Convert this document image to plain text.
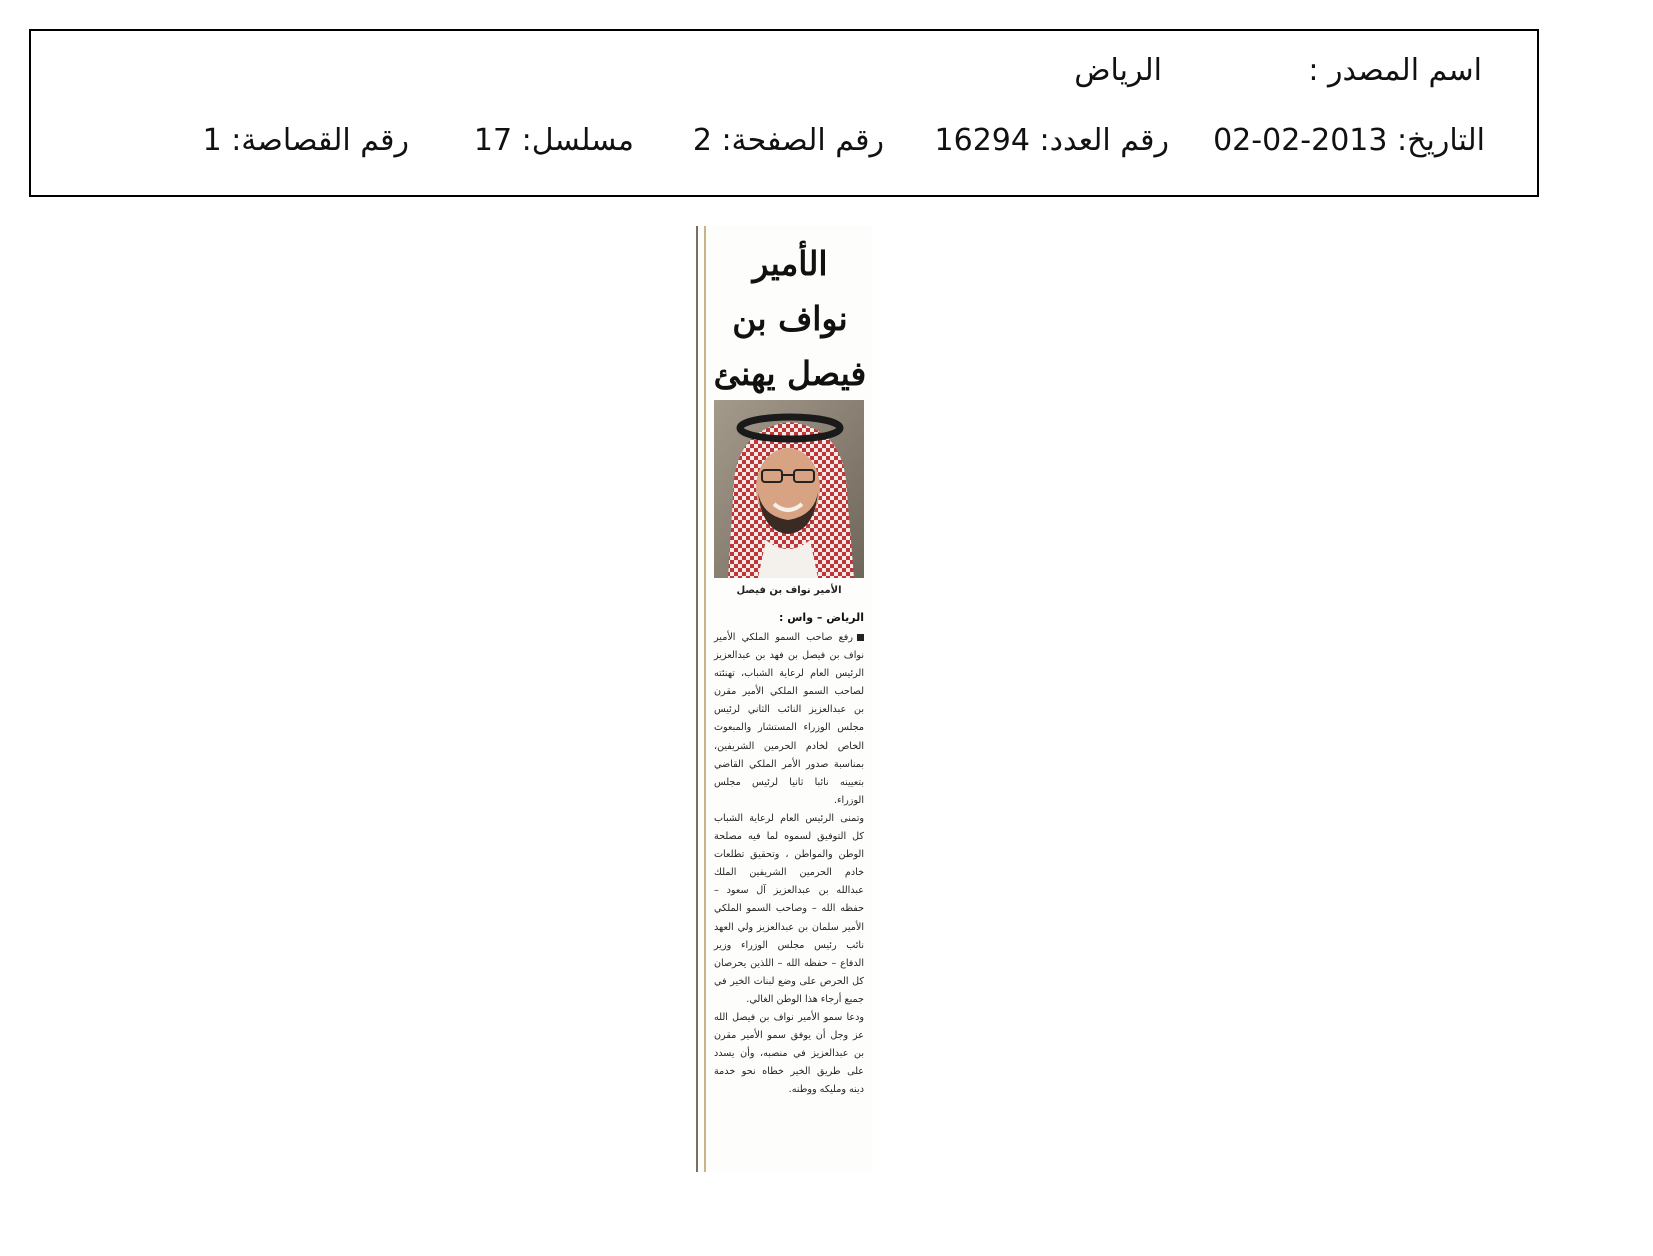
اسم المصدر :
الرياض
التاريخ: 2013-02-02
رقم العدد: 16294
رقم الصفحة: 2
مسلسل: 17
رقم القصاصة: 1
الأمير نواف بن فيصل يهنئ
الأمير نواف بن فيصل
الرياض – واس :

رفع صاحب السمو الملكي الأمير نواف بن فيصل بن فهد بن عبدالعزيز الرئيس العام لرعاية الشباب، تهنئته لصاحب السمو الملكي الأمير مقرن بن عبدالعزيز النائب الثاني لرئيس مجلس الوزراء المستشار والمبعوث الخاص لخادم الحرمين الشريفين، بمناسبة صدور الأمر الملكي القاضي بتعيينه نائبا ثانيا لرئيس مجلس الوزراء.

وتمنى الرئيس العام لرعاية الشباب كل التوفيق لسموه لما فيه مصلحة الوطن والمواطن ، وتحقيق تطلعات خادم الحرمين الشريفين الملك عبدالله بن عبدالعزيز آل سعود – حفظه الله – وصاحب السمو الملكي الأمير سلمان بن عبدالعزيز ولي العهد نائب رئيس مجلس الوزراء وزير الدفاع – حفظه الله – اللذين يحرصان كل الحرص على وضع لبنات الخير في جميع أرجاء هذا الوطن الغالي.

ودعا سمو الأمير نواف بن فيصل الله عز وجل أن يوفق سمو الأمير مقرن بن عبدالعزيز في منصبه، وأن يسدد على طريق الخير خطاه نحو خدمة دينه ومليكه ووطنه.
